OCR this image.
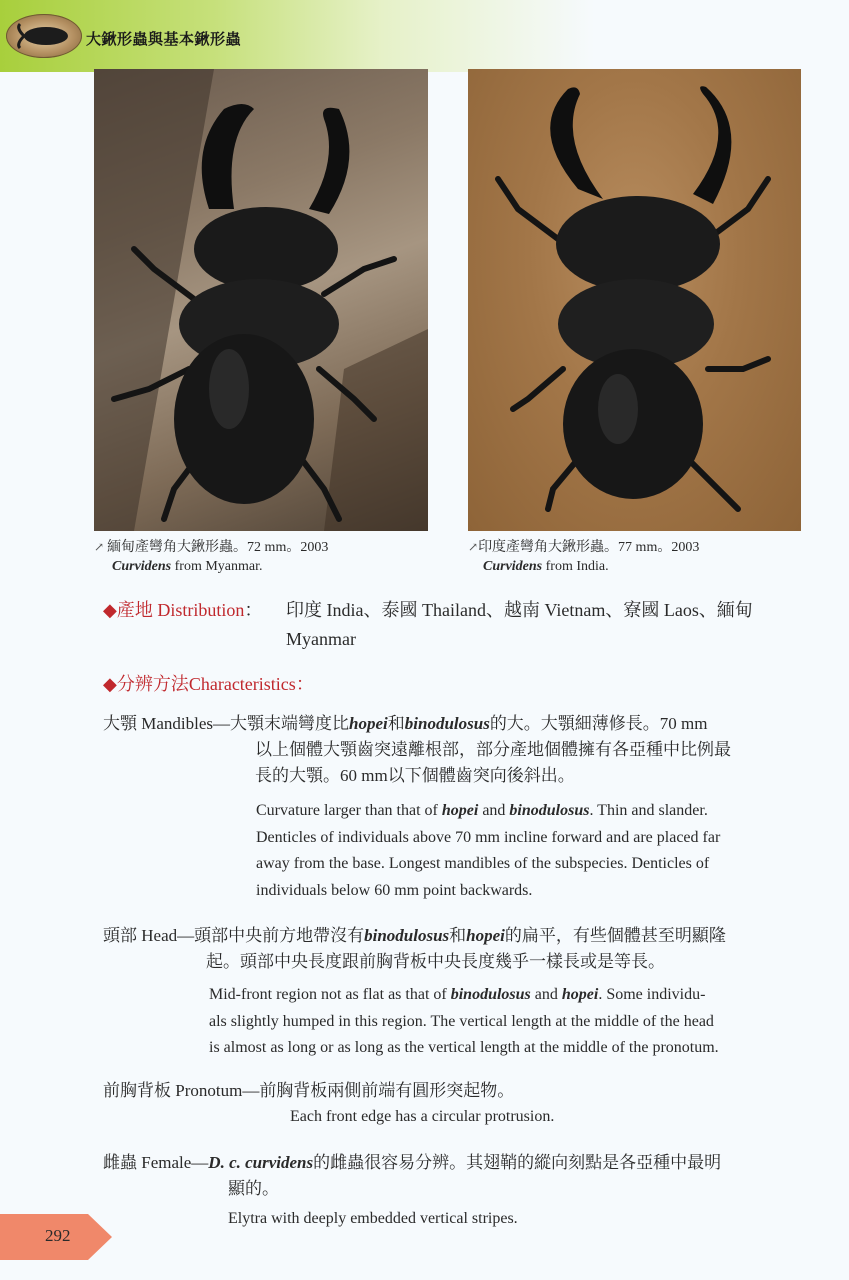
大鍬形蟲與基本鍬形蟲
↗ 緬甸產彎角大鍬形蟲。72 mm。2003
Curvidens from Myanmar.
↗印度產彎角大鍬形蟲。77 mm。2003
Curvidens from India.
◆產地 Distribution： 印度 India、泰國 Thailand、越南 Vietnam、寮國 Laos、緬甸
Myanmar
◆分辨方法Characteristics：
大顎 Mandibles—大顎末端彎度比hopei和binodulosus的大。大顎細薄修長。70 mm
以上個體大顎齒突遠離根部，部分產地個體擁有各亞種中比例最
長的大顎。60 mm以下個體齒突向後斜出。
Curvature larger than that of hopei and binodulosus. Thin and slander.
Denticles of individuals above 70 mm incline forward and are placed far
away from the base. Longest mandibles of the subspecies. Denticles of
individuals below 60 mm point backwards.
頭部 Head—頭部中央前方地帶沒有binodulosus和hopei的扁平，有些個體甚至明顯隆
起。頭部中央長度跟前胸背板中央長度幾乎一樣長或是等長。
Mid-front region not as flat as that of binodulosus and hopei. Some individu-
als slightly humped in this region. The vertical length at the middle of the head
is almost as long or as long as the vertical length at the middle of the pronotum.
前胸背板 Pronotum—前胸背板兩側前端有圓形突起物。
Each front edge has a circular protrusion.
雌蟲 Female—D. c. curvidens的雌蟲很容易分辨。其翅鞘的縱向刻點是各亞種中最明
顯的。
Elytra with deeply embedded vertical stripes.
292
